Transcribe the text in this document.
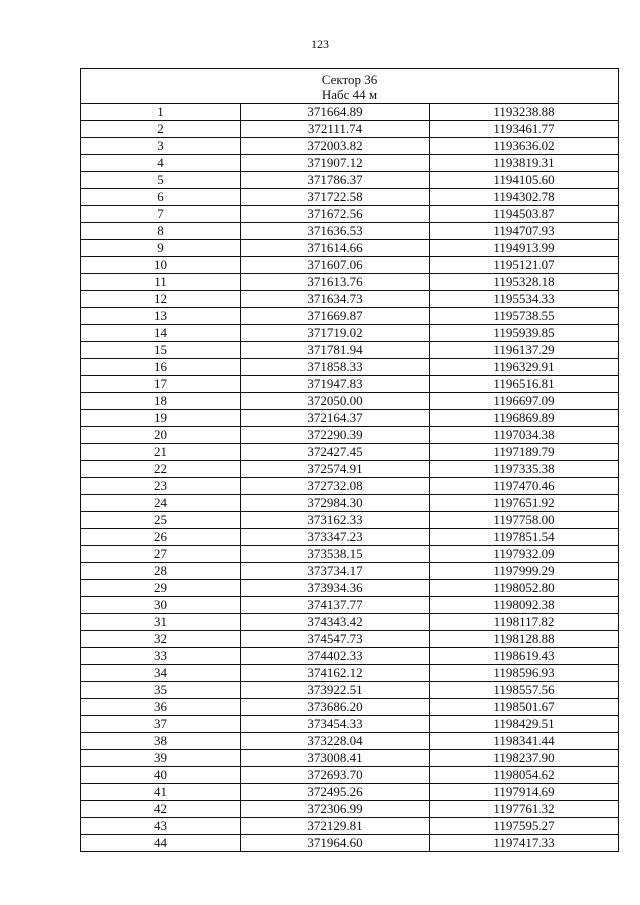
123
Сектор 36
Набс 44 м		

1	371664.89	1193238.88
2	372111.74	1193461.77
3	372003.82	1193636.02
4	371907.12	1193819.31
5	371786.37	1194105.60
6	371722.58	1194302.78
7	371672.56	1194503.87
8	371636.53	1194707.93
9	371614.66	1194913.99
10	371607.06	1195121.07
11	371613.76	1195328.18
12	371634.73	1195534.33
13	371669.87	1195738.55
14	371719.02	1195939.85
15	371781.94	1196137.29
16	371858.33	1196329.91
17	371947.83	1196516.81
18	372050.00	1196697.09
19	372164.37	1196869.89
20	372290.39	1197034.38
21	372427.45	1197189.79
22	372574.91	1197335.38
23	372732.08	1197470.46
24	372984.30	1197651.92
25	373162.33	1197758.00
26	373347.23	1197851.54
27	373538.15	1197932.09
28	373734.17	1197999.29
29	373934.36	1198052.80
30	374137.77	1198092.38
31	374343.42	1198117.82
32	374547.73	1198128.88
33	374402.33	1198619.43
34	374162.12	1198596.93
35	373922.51	1198557.56
36	373686.20	1198501.67
37	373454.33	1198429.51
38	373228.04	1198341.44
39	373008.41	1198237.90
40	372693.70	1198054.62
41	372495.26	1197914.69
42	372306.99	1197761.32
43	372129.81	1197595.27
44	371964.60	1197417.33
